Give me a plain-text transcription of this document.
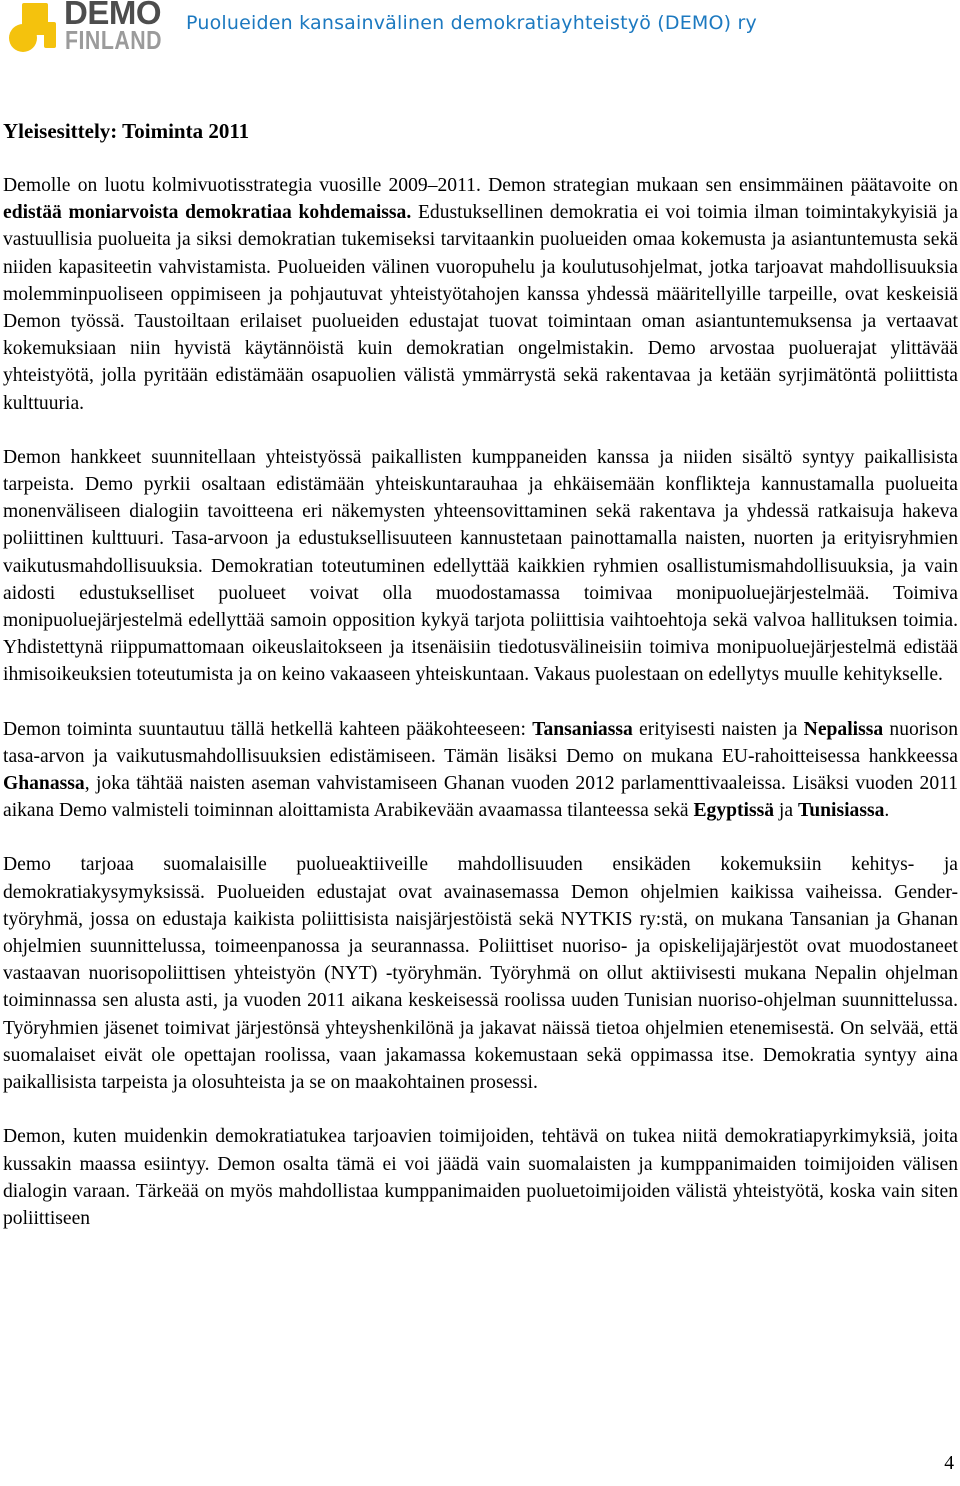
DEMO
FINLAND
Puolueiden kansainvälinen demokratiayhteistyö (DEMO) ry
Yleisesittely: Toiminta 2011

Demolle on luotu kolmivuotisstrategia vuosille 2009–2011. Demon strategian mukaan sen ensimmäinen päätavoite on edistää moniarvoista demokratiaa kohdemaissa. Edustuksellinen demokratia ei voi toimia ilman toimintakykyisiä ja vastuullisia puolueita ja siksi demokratian tukemiseksi tarvitaankin puolueiden omaa kokemusta ja asiantuntemusta sekä niiden kapasiteetin vahvistamista. Puolueiden välinen vuoropuhelu ja koulutusohjelmat, jotka tarjoavat mahdollisuuksia molemminpuoliseen oppimiseen ja pohjautuvat yhteistyötahojen kanssa yhdessä määritellyille tarpeille, ovat keskeisiä Demon työssä. Taustoiltaan erilaiset puolueiden edustajat tuovat toimintaan oman asiantuntemuksensa ja vertaavat kokemuksiaan niin hyvistä käytännöistä kuin demokratian ongelmistakin. Demo arvostaa puoluerajat ylittävää yhteistyötä, jolla pyritään edistämään osapuolien välistä ymmärrystä sekä rakentavaa ja ketään syrjimätöntä poliittista kulttuuria.

Demon hankkeet suunnitellaan yhteistyössä paikallisten kumppaneiden kanssa ja niiden sisältö syntyy paikallisista tarpeista. Demo pyrkii osaltaan edistämään yhteiskuntarauhaa ja ehkäisemään konflikteja kannustamalla puolueita monenväliseen dialogiin tavoitteena eri näkemysten yhteensovittaminen sekä rakentava ja yhdessä ratkaisuja hakeva poliittinen kulttuuri. Tasa-arvoon ja edustuksellisuuteen kannustetaan painottamalla naisten, nuorten ja erityisryhmien vaikutusmahdollisuuksia. Demokratian toteutuminen edellyttää kaikkien ryhmien osallistumismahdollisuuksia, ja vain aidosti edustukselliset puolueet voivat olla muodostamassa toimivaa monipuoluejärjestelmää. Toimiva monipuoluejärjestelmä edellyttää samoin opposition kykyä tarjota poliittisia vaihtoehtoja sekä valvoa hallituksen toimia. Yhdistettynä riippumattomaan oikeuslaitokseen ja itsenäisiin tiedotusvälineisiin toimiva monipuoluejärjestelmä edistää ihmisoikeuksien toteutumista ja on keino vakaaseen yhteiskuntaan. Vakaus puolestaan on edellytys muulle kehitykselle.

Demon toiminta suuntautuu tällä hetkellä kahteen pääkohteeseen: Tansaniassa erityisesti naisten ja Nepalissa nuorison tasa-arvon ja vaikutusmahdollisuuksien edistämiseen. Tämän lisäksi Demo on mukana EU-rahoitteisessa hankkeessa Ghanassa, joka tähtää naisten aseman vahvistamiseen Ghanan vuoden 2012 parlamenttivaaleissa. Lisäksi vuoden 2011 aikana Demo valmisteli toiminnan aloittamista Arabikevään avaamassa tilanteessa sekä Egyptissä ja Tunisiassa.

Demo tarjoaa suomalaisille puolueaktiiveille mahdollisuuden ensikäden kokemuksiin kehitys- ja demokratiakysymyksissä. Puolueiden edustajat ovat avainasemassa Demon ohjelmien kaikissa vaiheissa. Gender-työryhmä, jossa on edustaja kaikista poliittisista naisjärjestöistä sekä NYTKIS ry:stä, on mukana Tansanian ja Ghanan ohjelmien suunnittelussa, toimeenpanossa ja seurannassa. Poliittiset nuoriso- ja opiskelijajärjestöt ovat muodostaneet vastaavan nuorisopoliittisen yhteistyön (NYT) -työryhmän. Työryhmä on ollut aktiivisesti mukana Nepalin ohjelman toiminnassa sen alusta asti, ja vuoden 2011 aikana keskeisessä roolissa uuden Tunisian nuoriso-ohjelman suunnittelussa. Työryhmien jäsenet toimivat järjestönsä yhteyshenkilönä ja jakavat näissä tietoa ohjelmien etenemisestä. On selvää, että suomalaiset eivät ole opettajan roolissa, vaan jakamassa kokemustaan sekä oppimassa itse. Demokratia syntyy aina paikallisista tarpeista ja olosuhteista ja se on maakohtainen prosessi.

Demon, kuten muidenkin demokratiatukea tarjoavien toimijoiden, tehtävä on tukea niitä demokratiapyrkimyksiä, joita kussakin maassa esiintyy. Demon osalta tämä ei voi jäädä vain suomalaisten ja kumppanimaiden toimijoiden välisen dialogin varaan. Tärkeää on myös mahdollistaa kumppanimaiden puoluetoimijoiden välistä yhteistyötä, koska vain siten poliittiseen

4
